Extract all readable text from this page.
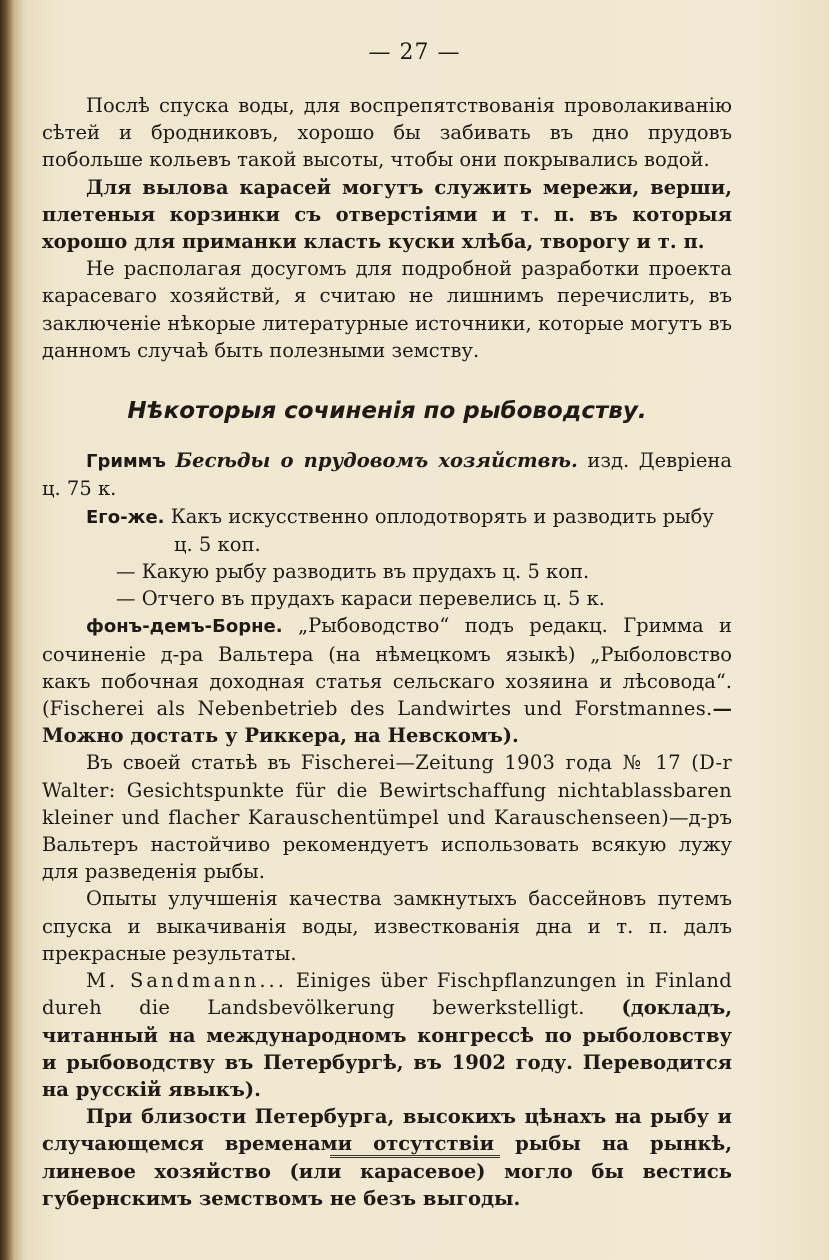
— 27 —

Послѣ спуска воды, для воспрепятствованія проволакиванію сѣтей и бродниковъ, хорошо бы забивать въ дно прудовъ побольше кольевъ такой высоты, чтобы они покрывались водой.

Для вылова карасей могутъ служить мережи, верши, плетеныя корзинки съ отверстіями и т. п. въ которыя хорошо для приманки класть куски хлѣба, творогу и т. п.

Не располагая досугомъ для подробной разработки проекта карасеваго хозяйствй, я считаю не лишнимъ перечислить, въ заключеніе нѣкорые литературные источники, которые могутъ въ данномъ случаѣ быть полезными земству.

Нѣкоторыя сочиненія по рыбоводству.

Гриммъ Бесѣды о прудовомъ хозяйствѣ. изд. Девріена ц. 75 к.

Его-же. Какъ искусственно оплодотворять и разводить рыбу

ц. 5 коп.

— Какую рыбу разводить въ прудахъ ц. 5 коп.

— Отчего въ прудахъ караси перевелись ц. 5 к.

фонъ-демъ-Борне. „Рыбоводство“ подъ редакц. Гримма и сочиненіе д-ра Вальтера (на нѣмецкомъ языкѣ) „Рыболовство какъ побочная доходная статья сельскаго хозяина и лѣсовода“. (Fischerei als Nebenbetrieb des Landwirtes und Forstmannes.—Можно достать у Риккера, на Невскомъ).

Въ своей статьѣ въ Fischerei—Zeitung 1903 года № 17 (D-r Walter: Gesichtspunkte für die Bewirtschaffung nichtablassbaren kleiner und flacher Karauschentümpel und Karauschenseen)—д-ръ Вальтеръ настойчиво рекомендуетъ использовать всякую лужу для разведенія рыбы.

Опыты улучшенія качества замкнутыхъ бассейновъ путемъ спуска и выкачиванія воды, известкованія дна и т. п. далъ прекрасные результаты.

M. Sandmann... Einiges über Fischpflanzungen in Finland dureh die Landsbevölkerung bewerkstelligt. (докладъ, читанный на международномъ конгрессѣ по рыболовству и рыбоводству въ Петербургѣ, въ 1902 году. Переводится на русскій явыкъ).

При близости Петербурга, высокихъ цѣнахъ на рыбу и случающемся временами отсутствіи рыбы на рынкѣ, линевое хозяйство (или карасевое) могло бы вестись губернскимъ земствомъ не безъ выгоды.
